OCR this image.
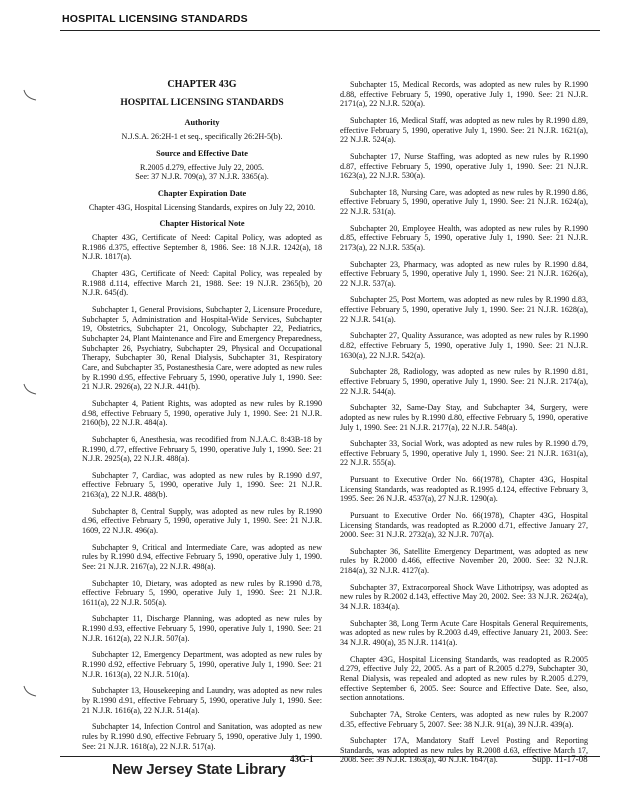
HOSPITAL LICENSING STANDARDS
CHAPTER 43G
HOSPITAL LICENSING STANDARDS
Authority

N.J.S.A. 26:2H-1 et seq., specifically 26:2H-5(b).

Source and Effective Date

R.2005 d.279, effective July 22, 2005.

See: 37 N.J.R. 709(a), 37 N.J.R. 3365(a).

Chapter Expiration Date

Chapter 43G, Hospital Licensing Standards, expires on July 22, 2010.

Chapter Historical Note

Chapter 43G, Certificate of Need: Capital Policy, was adopted as R.1986 d.375, effective September 8, 1986. See: 18 N.J.R. 1242(a), 18 N.J.R. 1817(a).

Chapter 43G, Certificate of Need: Capital Policy, was repealed by R.1988 d.114, effective March 21, 1988. See: 19 N.J.R. 2365(b), 20 N.J.R. 645(d).

Subchapter 1, General Provisions, Subchapter 2, Licensure Procedure, Subchapter 5, Administration and Hospital-Wide Services, Subchapter 19, Obstetrics, Subchapter 21, Oncology, Subchapter 22, Pediatrics, Subchapter 24, Plant Maintenance and Fire and Emergency Preparedness, Subchapter 26, Psychiatry, Subchapter 29, Physical and Occupational Therapy, Subchapter 30, Renal Dialysis, Subchapter 31, Respiratory Care, and Subchapter 35, Postanesthesia Care, were adopted as new rules by R.1990 d.95, effective February 5, 1990, operative July 1, 1990. See: 21 N.J.R. 2926(a), 22 N.J.R. 441(b).

Subchapter 4, Patient Rights, was adopted as new rules by R.1990 d.98, effective February 5, 1990, operative July 1, 1990. See: 21 N.J.R. 2160(b), 22 N.J.R. 484(a).

Subchapter 6, Anesthesia, was recodified from N.J.A.C. 8:43B-18 by R.1990, d.77, effective February 5, 1990, operative July 1, 1990. See: 21 N.J.R. 2925(a), 22 N.J.R. 488(a).

Subchapter 7, Cardiac, was adopted as new rules by R.1990 d.97, effective February 5, 1990, operative July 1, 1990. See: 21 N.J.R. 2163(a), 22 N.J.R. 488(b).

Subchapter 8, Central Supply, was adopted as new rules by R.1990 d.96, effective February 5, 1990, operative July 1, 1990. See: 21 N.J.R. 1609, 22 N.J.R. 496(a).

Subchapter 9, Critical and Intermediate Care, was adopted as new rules by R.1990 d.94, effective February 5, 1990, operative July 1, 1990. See: 21 N.J.R. 2167(a), 22 N.J.R. 498(a).

Subchapter 10, Dietary, was adopted as new rules by R.1990 d.78, effective February 5, 1990, operative July 1, 1990. See: 21 N.J.R. 1611(a), 22 N.J.R. 505(a).

Subchapter 11, Discharge Planning, was adopted as new rules by R.1990 d.93, effective February 5, 1990, operative July 1, 1990. See: 21 N.J.R. 1612(a), 22 N.J.R. 507(a).

Subchapter 12, Emergency Department, was adopted as new rules by R.1990 d.92, effective February 5, 1990, operative July 1, 1990. See: 21 N.J.R. 1613(a), 22 N.J.R. 510(a).

Subchapter 13, Housekeeping and Laundry, was adopted as new rules by R.1990 d.91, effective February 5, 1990, operative July 1, 1990. See: 21 N.J.R. 1616(a), 22 N.J.R. 514(a).

Subchapter 14, Infection Control and Sanitation, was adopted as new rules by R.1990 d.90, effective February 5, 1990, operative July 1, 1990. See: 21 N.J.R. 1618(a), 22 N.J.R. 517(a).

Subchapter 15, Medical Records, was adopted as new rules by R.1990 d.88, effective February 5, 1990, operative July 1, 1990. See: 21 N.J.R. 2171(a), 22 N.J.R. 520(a).

Subchapter 16, Medical Staff, was adopted as new rules by R.1990 d.89, effective February 5, 1990, operative July 1, 1990. See: 21 N.J.R. 1621(a), 22 N.J.R. 524(a).

Subchapter 17, Nurse Staffing, was adopted as new rules by R.1990 d.87, effective February 5, 1990, operative July 1, 1990. See: 21 N.J.R. 1623(a), 22 N.J.R. 530(a).

Subchapter 18, Nursing Care, was adopted as new rules by R.1990 d.86, effective February 5, 1990, operative July 1, 1990. See: 21 N.J.R. 1624(a), 22 N.J.R. 531(a).

Subchapter 20, Employee Health, was adopted as new rules by R.1990 d.85, effective February 5, 1990, operative July 1, 1990. See: 21 N.J.R. 2173(a), 22 N.J.R. 535(a).

Subchapter 23, Pharmacy, was adopted as new rules by R.1990 d.84, effective February 5, 1990, operative July 1, 1990. See: 21 N.J.R. 1626(a), 22 N.J.R. 537(a).

Subchapter 25, Post Mortem, was adopted as new rules by R.1990 d.83, effective February 5, 1990, operative July 1, 1990. See: 21 N.J.R. 1628(a), 22 N.J.R. 541(a).

Subchapter 27, Quality Assurance, was adopted as new rules by R.1990 d.82, effective February 5, 1990, operative July 1, 1990. See: 21 N.J.R. 1630(a), 22 N.J.R. 542(a).

Subchapter 28, Radiology, was adopted as new rules by R.1990 d.81, effective February 5, 1990, operative July 1, 1990. See: 21 N.J.R. 2174(a), 22 N.J.R. 544(a).

Subchapter 32, Same-Day Stay, and Subchapter 34, Surgery, were adopted as new rules by R.1990 d.80, effective February 5, 1990, operative July 1, 1990. See: 21 N.J.R. 2177(a), 22 N.J.R. 548(a).

Subchapter 33, Social Work, was adopted as new rules by R.1990 d.79, effective February 5, 1990, operative July 1, 1990. See: 21 N.J.R. 1631(a), 22 N.J.R. 555(a).

Pursuant to Executive Order No. 66(1978), Chapter 43G, Hospital Licensing Standards, was readopted as R.1995 d.124, effective February 3, 1995. See: 26 N.J.R. 4537(a), 27 N.J.R. 1290(a).

Pursuant to Executive Order No. 66(1978), Chapter 43G, Hospital Licensing Standards, was readopted as R.2000 d.71, effective January 27, 2000. See: 31 N.J.R. 2732(a), 32 N.J.R. 707(a).

Subchapter 36, Satellite Emergency Department, was adopted as new rules by R.2000 d.466, effective November 20, 2000. See: 32 N.J.R. 2184(a), 32 N.J.R. 4127(a).

Subchapter 37, Extracorporeal Shock Wave Lithotripsy, was adopted as new rules by R.2002 d.143, effective May 20, 2002. See: 33 N.J.R. 2624(a), 34 N.J.R. 1834(a).

Subchapter 38, Long Term Acute Care Hospitals General Requirements, was adopted as new rules by R.2003 d.49, effective January 21, 2003. See: 34 N.J.R. 490(a), 35 N.J.R. 1141(a).

Chapter 43G, Hospital Licensing Standards, was readopted as R.2005 d.279, effective July 22, 2005. As a part of R.2005 d.279, Subchapter 30, Renal Dialysis, was repealed and adopted as new rules by R.2005 d.279, effective September 6, 2005. See: Source and Effective Date. See, also, section annotations.

Subchapter 7A, Stroke Centers, was adopted as new rules by R.2007 d.35, effective February 5, 2007. See: 38 N.J.R. 91(a), 39 N.J.R. 439(a).

Subchapter 17A, Mandatory Staff Level Posting and Reporting Standards, was adopted as new rules by R.2008 d.63, effective March 17, 2008. See: 39 N.J.R. 1363(a), 40 N.J.R. 1647(a).

New Jersey State Library
43G-1	Supp. 11-17-08
